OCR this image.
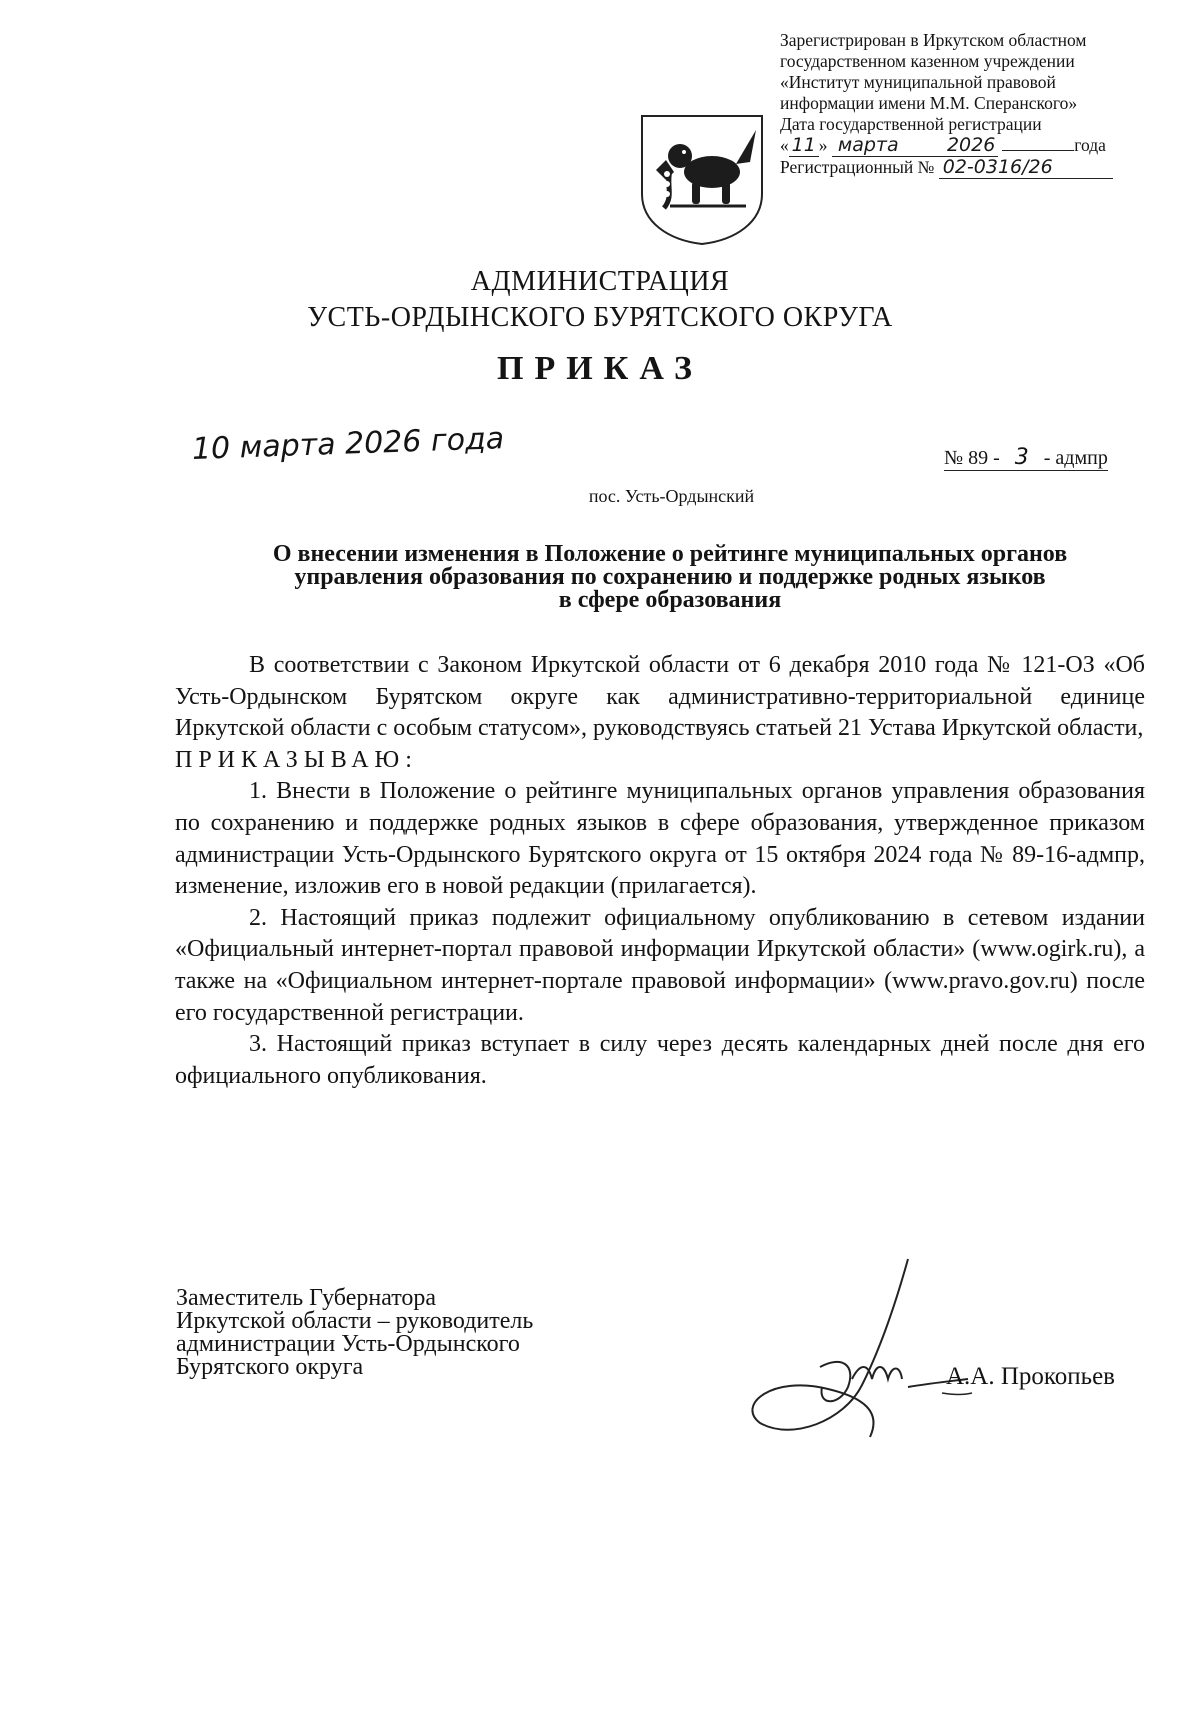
Зарегистрирован в Иркутском областном
государственном казенном учреждении
«Институт муниципальной правовой
информации имени М.М. Сперанского»
Дата государственной регистрации
« 11 » марта	2026	года
Регистрационный № 02-0316/26
АДМИНИСТРАЦИЯ
УСТЬ-ОРДЫНСКОГО БУРЯТСКОГО ОКРУГА
ПРИКАЗ
10 марта 2026 года	№ 89 - 3 - адмпр
пос. Усть-Ордынский
О внесении изменения в Положение о рейтинге муниципальных органов
управления образования по сохранению и поддержке родных языков
в сфере образования

В соответствии с Законом Иркутской области от 6 декабря 2010 года № 121-ОЗ «Об Усть-Ордынском Бурятском округе как административно-территориальной единице Иркутской области с особым статусом», руководствуясь статьей 21 Устава Иркутской области,

ПРИКАЗЫВАЮ:

1. Внести в Положение о рейтинге муниципальных органов управления образования по сохранению и поддержке родных языков в сфере образования, утвержденное приказом администрации Усть-Ордынского Бурятского округа от 15 октября 2024 года № 89-16-адмпр, изменение, изложив его в новой редакции (прилагается).

2. Настоящий приказ подлежит официальному опубликованию в сетевом издании «Официальный интернет-портал правовой информации Иркутской области» (www.ogirk.ru), а также на «Официальном интернет-портале правовой информации» (www.pravo.gov.ru) после его государственной регистрации.

3. Настоящий приказ вступает в силу через десять календарных дней после дня его официального опубликования.

Заместитель Губернатора
Иркутской области – руководитель
администрации Усть-Ордынского
Бурятского округа	А.А. Прокопьев
